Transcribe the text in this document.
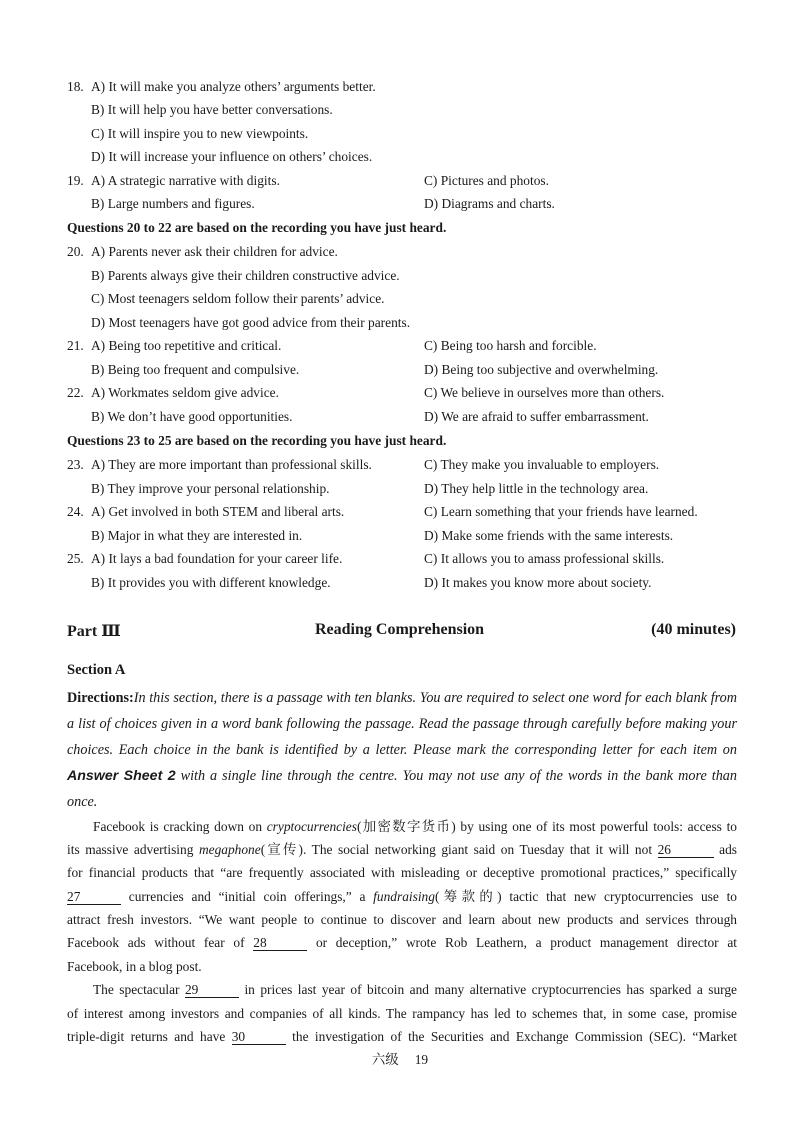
18. A) It will make you analyze others’ arguments better.
B) It will help you have better conversations.
C) It will inspire you to new viewpoints.
D) It will increase your influence on others’ choices.
19. A) A strategic narrative with digits.	C) Pictures and photos.
B) Large numbers and figures.	D) Diagrams and charts.
Questions 20 to 22 are based on the recording you have just heard.
20. A) Parents never ask their children for advice.
B) Parents always give their children constructive advice.
C) Most teenagers seldom follow their parents’ advice.
D) Most teenagers have got good advice from their parents.
21. A) Being too repetitive and critical.	C) Being too harsh and forcible.
B) Being too frequent and compulsive.	D) Being too subjective and overwhelming.
22. A) Workmates seldom give advice.	C) We believe in ourselves more than others.
B) We don’t have good opportunities.	D) We are afraid to suffer embarrassment.
Questions 23 to 25 are based on the recording you have just heard.
23. A) They are more important than professional skills.	C) They make you invaluable to employers.
B) They improve your personal relationship.	D) They help little in the technology area.
24. A) Get involved in both STEM and liberal arts.	C) Learn something that your friends have learned.
B) Major in what they are interested in.	D) Make some friends with the same interests.
25. A) It lays a bad foundation for your career life.	C) It allows you to amass professional skills.
B) It provides you with different knowledge.	D) It makes you know more about society.
Part Ⅲ	Reading Comprehension	(40 minutes)
Section A
Directions:In this section, there is a passage with ten blanks. You are required to select one word for each blank from a list of choices given in a word bank following the passage. Read the passage through carefully before making your choices. Each choice in the bank is identified by a letter. Please mark the corresponding letter for each item on Answer Sheet 2 with a single line through the centre. You may not use any of the words in the bank more than once.
Facebook is cracking down on cryptocurrencies(加密数字货币) by using one of its most powerful tools: access to
its massive advertising megaphone(宣传). The social networking giant said on Tuesday that it will not 26	ads
for financial products that “are frequently associated with misleading or deceptive promotional practices,” specifically
27	currencies and “initial coin offerings,” a fundraising(筹款的) tactic that new cryptocurrencies use to
attract fresh investors. “We want people to continue to discover and learn about new products and services through
Facebook ads without fear of 28	or deception,” wrote Rob Leathern, a product management director at
Facebook, in a blog post.
The spectacular 29	in prices last year of bitcoin and many alternative cryptocurrencies has sparked a surge
of interest among investors and companies of all kinds. The rampancy has led to schemes that, in some case, promise
triple-digit returns and have 30	the investigation of the Securities and Exchange Commission (SEC). “Market
六级 19
